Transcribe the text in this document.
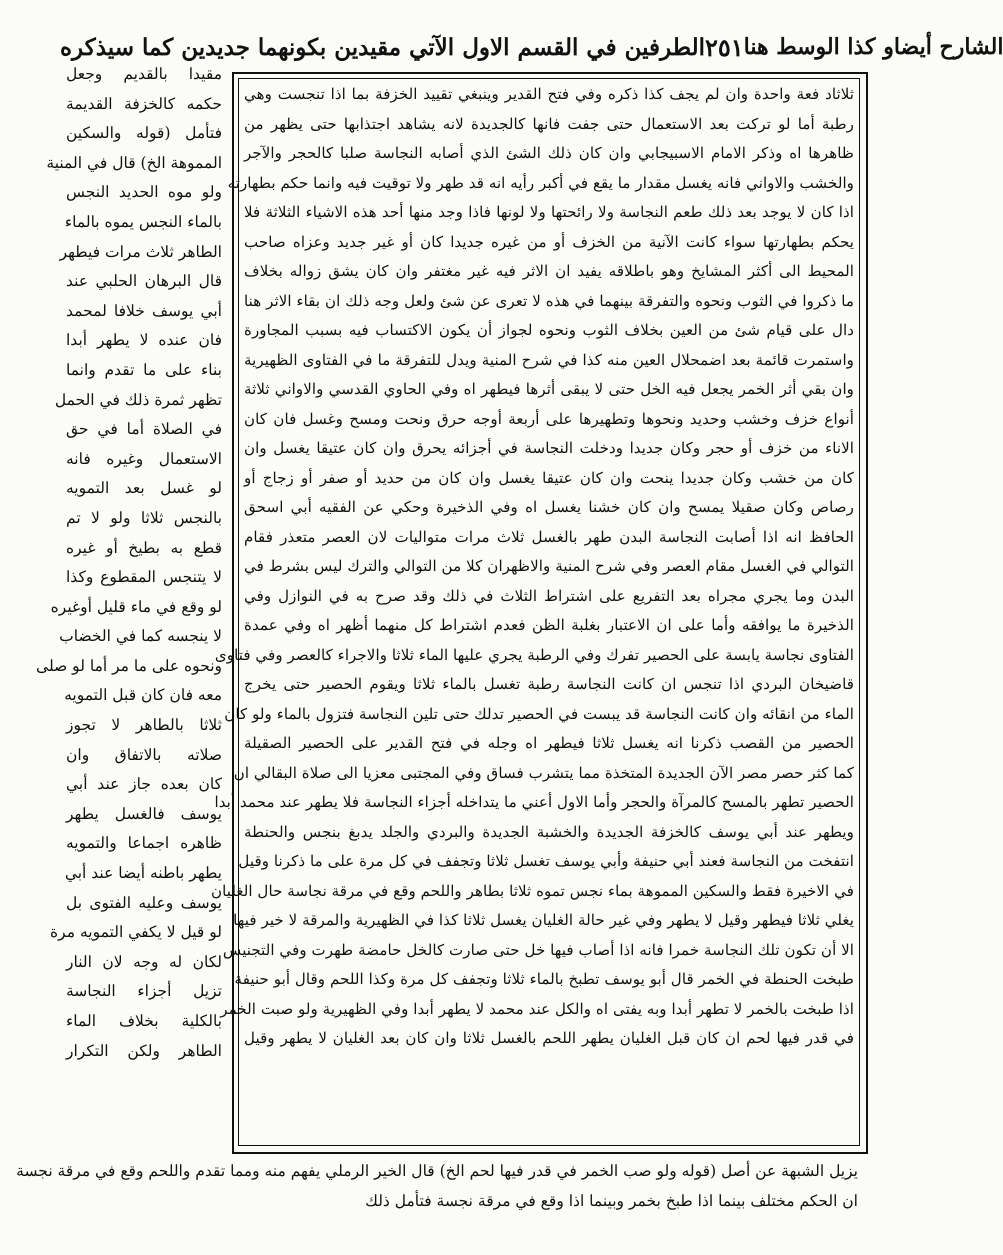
الطرفين في القسم الاول الآتي مقيدين بكونهما جديدين كما سيذكره ٢٥١ الشارح أيضاو كذا الوسط هنا
ثلاثاد فعة واحدة وان لم يجف كذا ذكره وفي فتح القدير وينبغي تقييد الخزفة بما اذا تنجست وهي
رطبة أما لو تركت بعد الاستعمال حتى جفت فانها كالجديدة لانه يشاهد اجتذابها حتى يظهر من
ظاهرها اه وذكر الامام الاسبيجابي وان كان ذلك الشئ الذي أصابه النجاسة صلبا كالحجر والآجر
والخشب والاواني فانه يغسل مقدار ما يقع في أكبر رأيه انه قد طهر ولا توقيت فيه وانما حكم بطهارته
اذا كان لا يوجد بعد ذلك طعم النجاسة ولا رائحتها ولا لونها فاذا وجد منها أحد هذه الاشياء الثلاثة فلا
يحكم بطهارتها سواء كانت الآنية من الخزف أو من غيره جديدا كان أو غير جديد وعزاه صاحب
المحيط الى أكثر المشايخ وهو باطلاقه يفيد ان الاثر فيه غير مغتفر وان كان يشق زواله بخلاف
ما ذكروا في الثوب ونحوه والتفرقة بينهما في هذه لا تعرى عن شئ ولعل وجه ذلك ان بقاء الاثر هنا
دال على قيام شئ من العين بخلاف الثوب ونحوه لجواز أن يكون الاكتساب فيه بسبب المجاورة
واستمرت قائمة بعد اضمحلال العين منه كذا في شرح المنية ويدل للتفرقة ما في الفتاوى الظهيرية
وان بقي أثر الخمر يجعل فيه الخل حتى لا يبقى أثرها فيطهر اه وفي الحاوي القدسي والاواني ثلاثة
أنواع خزف وخشب وحديد ونحوها وتطهيرها على أربعة أوجه حرق ونحت ومسح وغسل فان كان
الاناء من خزف أو حجر وكان جديدا ودخلت النجاسة في أجزائه يحرق وان كان عتيقا يغسل وان
كان من خشب وكان جديدا ينحت وان كان عتيقا يغسل وان كان من حديد أو صفر أو زجاج أو
رصاص وكان صقيلا يمسح وان كان خشنا يغسل اه وفي الذخيرة وحكي عن الفقيه أبي اسحق
الحافظ انه اذا أصابت النجاسة البدن طهر بالغسل ثلاث مرات متواليات لان العصر متعذر فقام
التوالي في الغسل مقام العصر وفي شرح المنية والاظهران كلا من التوالي والترك ليس بشرط في
البدن وما يجري مجراه بعد التفريع على اشتراط الثلاث في ذلك وقد صرح به في النوازل وفي
الذخيرة ما يوافقه وأما على ان الاعتبار بغلبة الظن فعدم اشتراط كل منهما أظهر اه وفي عمدة
الفتاوى نجاسة يابسة على الحصير تفرك وفي الرطبة يجري عليها الماء ثلاثا والاجراء كالعصر وفي فتاوى
قاضيخان البردي اذا تنجس ان كانت النجاسة رطبة تغسل بالماء ثلاثا ويقوم الحصير حتى يخرج
الماء من انقائه وان كانت النجاسة قد يبست في الحصير تدلك حتى تلين النجاسة فتزول بالماء ولو كان
الحصير من القصب ذكرنا انه يغسل ثلاثا فيطهر اه وجله في فتح القدير على الحصير الصقيلة
كما كثر حصر مصر الآن الجديدة المتخذة مما يتشرب فساق وفي المجتبى معزيا الى صلاة البقالي ان
الحصير تطهر بالمسح كالمرآة والحجر وأما الاول أعني ما يتداخله أجزاء النجاسة فلا يطهر عند محمد أبدا
ويطهر عند أبي يوسف كالخزفة الجديدة والخشبة الجديدة والبردي والجلد يدبغ بنجس والحنطة
انتفخت من النجاسة فعند أبي حنيفة وأبي يوسف تغسل ثلاثا وتجفف في كل مرة على ما ذكرنا وقيل
في الاخيرة فقط والسكين المموهة بماء نجس تموه ثلاثا بطاهر واللحم وقع في مرقة نجاسة حال الغليان
يغلي ثلاثا فيطهر وقيل لا يطهر وفي غير حالة الغليان يغسل ثلاثا كذا في الظهيرية والمرقة لا خير فيها
الا أن تكون تلك النجاسة خمرا فانه اذا أصاب فيها خل حتى صارت كالخل حامضة طهرت وفي التجنيس
طبخت الحنطة في الخمر قال أبو يوسف تطبخ بالماء ثلاثا وتجفف كل مرة وكذا اللحم وقال أبو حنيفة
اذا طبخت بالخمر لا تطهر أبدا وبه يفتى اه والكل عند محمد لا يطهر أبدا وفي الظهيرية ولو صبت الخمر
في قدر فيها لحم ان كان قبل الغليان يطهر اللحم بالغسل ثلاثا وان كان بعد الغليان لا يطهر وقيل
مقيدا بالقديم وجعل
حكمه كالخزفة القديمة
فتأمل (قوله والسكين
المموهة الخ) قال في المنية
ولو موه الحديد النجس
بالماء النجس يموه بالماء
الطاهر ثلاث مرات فيطهر
قال البرهان الحلبي عند
أبي يوسف خلافا لمحمد
فان عنده لا يطهر أبدا
بناء على ما تقدم وانما
تظهر ثمرة ذلك في الحمل
في الصلاة أما في حق
الاستعمال وغيره فانه
لو غسل بعد التمويه
بالنجس ثلاثا ولو لا تم
قطع به بطيخ أو غيره
لا يتنجس المقطوع وكذا
لو وقع في ماء قليل أوغيره
لا ينجسه كما في الخضاب
ونحوه على ما مر أما لو صلى
معه فان كان قبل التمويه
ثلاثا بالطاهر لا تجوز
صلاته بالاتفاق وان
كان بعده جاز عند أبي
يوسف فالغسل يطهر
ظاهره اجماعا والتمويه
يطهر باطنه أيضا عند أبي
يوسف وعليه الفتوى بل
لو قيل لا يكفي التمويه مرة
لكان له وجه لان النار
تزيل أجزاء النجاسة
بالكلية بخلاف الماء
الطاهر ولكن التكرار
يزيل الشبهة عن أصل (قوله ولو صب الخمر في قدر فيها لحم الخ) قال الخير الرملي يفهم منه ومما تقدم واللحم وقع في مرقة نجسة
ان الحكم مختلف بينما اذا طبخ بخمر وبينما اذا وقع في مرقة نجسة فتأمل ذلك
